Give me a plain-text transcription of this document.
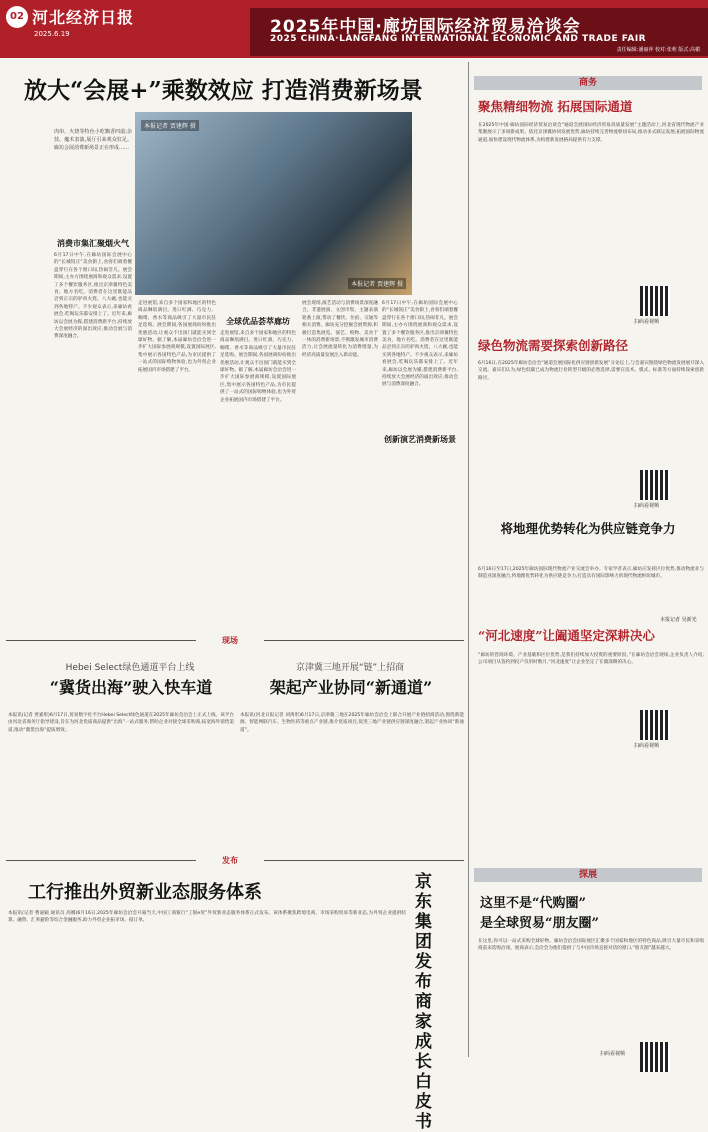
02 河北经济日报
2025.6.19	2025年中国·廊坊国际经济贸易洽谈会
2025 CHINA·LANGFANG INTERNATIONAL ECONOMIC AND TRADE FAIR
责任编辑:潘丽萍 校对:张莉 版式:高楣
放大“会展+”乘数效应 打造消费新场景
本报记者 贾建辉 摄
本报记者 贾建辉 摄
肉串、火烧等特色小吃飘香四溢;杂技、魔术表演,展厅引来观众驻足。廊坊会展消费新场景正在形成……
消费市集汇聚烟火气
6月17日中午,在廊坊国际会展中心的“长城饭庄”美食街上,食客们端着餐盘穿行在各个窗口间,热闹非凡。展会期间,主办方围绕展商和观众需求,设置了多个餐饮服务区,推出京津冀特色美食、地方名吃。消费者在这里既能品尝到正宗的驴肉火烧、八大碗,也能买到各地特产。不少观众表示,来廊坊看展会,吃喝玩乐都安排上了。近年来,廊坊以会展为媒,搭建消费新平台,持续放大会展经济的溢出效应,推动会展与消费深度融合。
走进展馆,来自多个国家和地区的特色商品琳琅满目。进口红酒、巧克力、咖啡、香水等商品吸引了大量市民驻足选购。展会期间,各国展商纷纷推出优惠活动,让观众不出国门就能买到全球好物。据了解,本届廊坊会洽会进一步扩大国际参展商规模,设置国际展区,集中展示各国特色产品,为市民提供了一站式的国际购物体验,也为外贸企业拓展国内市场搭建了平台。
全球优品荟萃廊坊
走进展馆,来自多个国家和地区的特色商品琳琅满目。进口红酒、巧克力、咖啡、香水等商品吸引了大量市民驻足选购。展会期间,各国展商纷纷推出优惠活动,让观众不出国门就能买到全球好物。据了解,本届廊坊会洽会进一步扩大国际参展商规模,设置国际展区,集中展示各国特色产品,为市民提供了一站式的国际购物体验,也为外贸企业拓展国内市场搭建了平台。
展会现场,演艺活动与消费场景深度融合。非遗展演、文创市集、主题表演轮番上演,带动了餐饮、住宿、交通等相关消费。廊坊充分挖掘会展资源,积极打造集展览、演艺、购物、美食于一体的消费新场景,不断激发城市消费活力,让会展流量转化为消费增量,为经济高质量发展注入新动能。
创新演艺消费新场景
6月17日中午,在廊坊国际会展中心的“长城饭庄”美食街上,食客们端着餐盘穿行在各个窗口间,热闹非凡。展会期间,主办方围绕展商和观众需求,设置了多个餐饮服务区,推出京津冀特色美食、地方名吃。消费者在这里既能品尝到正宗的驴肉火烧、八大碗,也能买到各地特产。不少观众表示,来廊坊看展会,吃喝玩乐都安排上了。近年来,廊坊以会展为媒,搭建消费新平台,持续放大会展经济的溢出效应,推动会展与消费深度融合。
商务
聚焦精细物流 拓展国际通道
在2025年中国·廊坊国际经济贸易洽谈会“通道会展国际经济贸易高质量发展”主题活动上,河北省现代物流产业集聚展示了多项新成果。依托京津冀协同发展优势,廊坊持续完善物流枢纽布局,推动多式联运发展,拓展国际物流通道,加快建设现代物流体系,为构建新发展格局提供有力支撑。
扫码看视频
绿色物流需要探索创新路径
6月16日,在2025年廊坊会洽会“通道会展国际化供应链创新发展”分论坛上,与会嘉宾围绕绿色物流发展展开深入交流。嘉宾们认为,绿色低碳已成为物流行业转型升级的必然选择,需要在技术、模式、标准等方面持续探索创新路径。
扫码看视频
将地理优势转化为供应链竞争力
6月16日至17日,2025年廊坊国际现代物流产业交流会举办。专家学者表示,廊坊应发挥区位优势,推动物流业与制造业深度融合,将地理优势转化为供应链竞争力,打造具有国际影响力的现代物流枢纽城市。
本报记者 吴新光
“河北速度”让阖通坚定深耕决心
“廊坊的营商环境、产业基础和区位优势,是我们持续加大投资的重要原因。”在廊坊会洽会现场,企业负责人介绍,公司项目从签约到投产仅用时数月,“河北速度”让企业坚定了在冀深耕的决心。
扫码看视频
现场
Hebei Select绿色通道平台上线
“冀货出海”驶入快车道
本报讯(记者 贾嘉彤)6月17日,贸易数字化平台Hebei Select绿色通道在2025年廊坊会洽会上正式上线。该平台由河北省商务厅指导建设,旨在为河北优质商品提供“出海”一站式服务,帮助企业对接全球采购商,拓宽海外销售渠道,推动“冀货出海”提质增效。
京津冀三地开展“链”上招商
架起产业协同“新通道”
本报讯(河北日报记者 刘禹彤)6月17日,京津冀三地在2025年廊坊会洽会上联合开展产业链招商活动,围绕新能源、智能网联汽车、生物医药等重点产业链,推介优质项目,促进三地产业链供应链深度融合,架起产业协同“新通道”。
发布
工行推出外贸新业态服务体系
本报讯(记者 曹嘉颖 通讯员 高娜)6月16日,2025年廊坊会洽会开幕当天,中国工商银行“工银e贸”外贸新业态服务体系正式发布。该体系聚焦跨境电商、市场采购贸易等新业态,为外贸企业提供结算、融资、汇率避险等综合金融服务,助力外贸企业拓市场、稳订单。
京东集团发布商家成长白皮书
探展
这里不是“代购圈”
是全球贸易“朋友圈”
在这里,你可以一站式采购全球好物。廊坊会洽会国际展区汇聚多个国家和地区的特色商品,吸引大量市民和采购商前来选购洽谈。展商表示,会洽会为他们提供了与中国市场直接对话的窗口,“朋友圈”越来越大。
扫码看视频
